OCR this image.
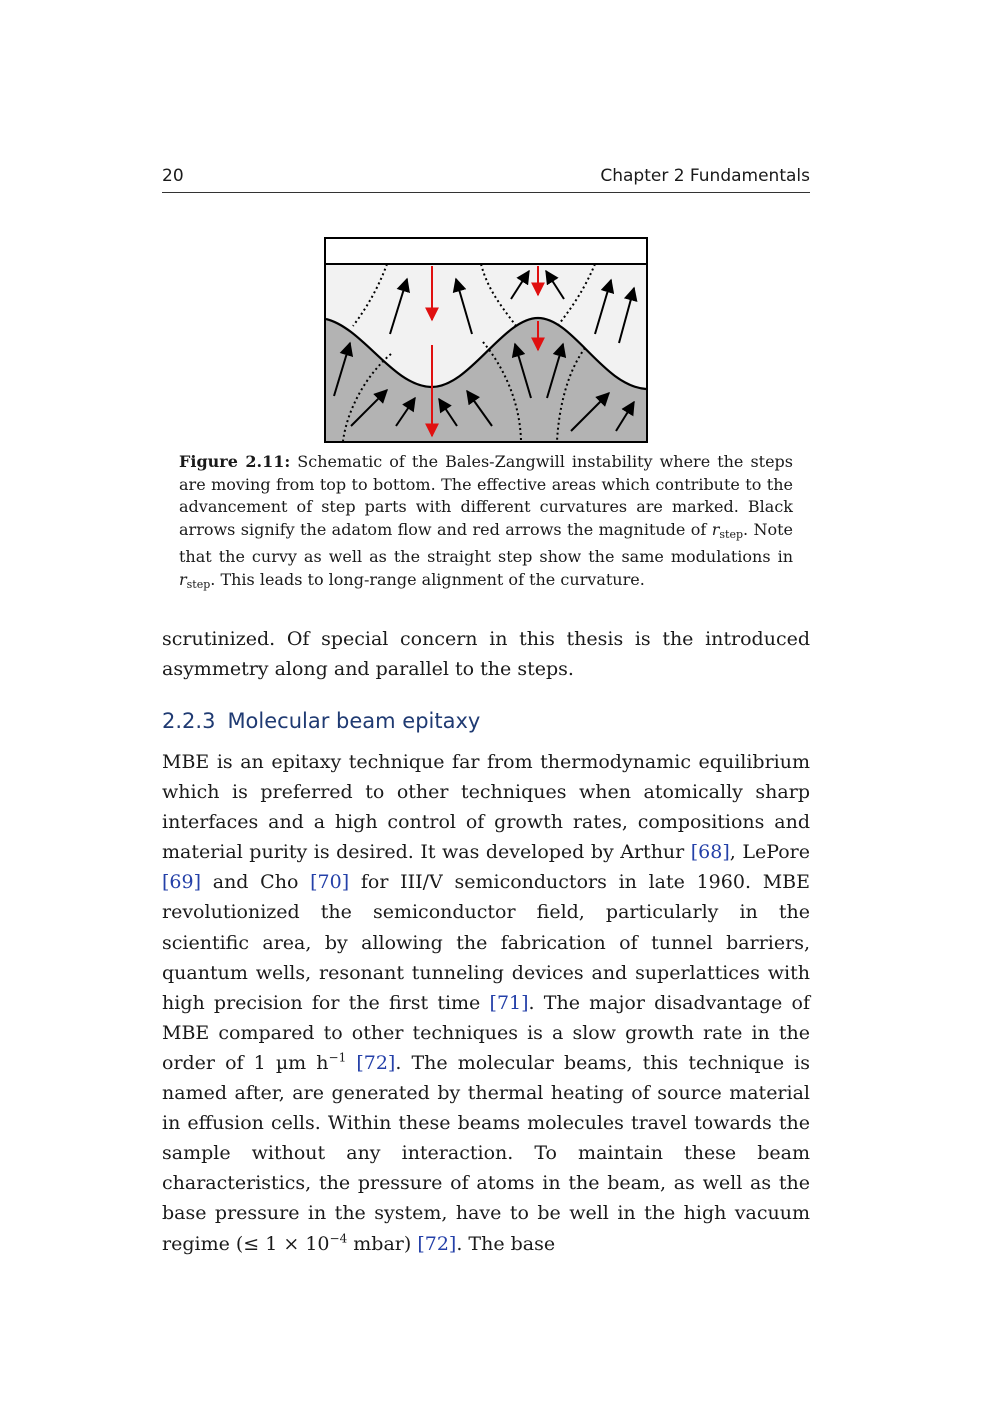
20	Chapter 2 Fundamentals
Figure 2.11: Schematic of the Bales-Zangwill instability where the steps are moving from top to bottom. The effective areas which contribute to the advancement of step parts with different curvatures are marked. Black arrows signify the adatom flow and red arrows the magnitude of $r_{step}$. Note that the curvy as well as the straight step show the same modulations in $r_{step}$. This leads to long-range alignment of the curvature.
scrutinized. Of special concern in this thesis is the introduced asymmetry along and parallel to the steps.
2.2.3 Molecular beam epitaxy
MBE is an epitaxy technique far from thermodynamic equilibrium which is preferred to other techniques when atomically sharp interfaces and a high control of growth rates, compositions and material purity is desired. It was developed by Arthur [68], LePore [69] and Cho [70] for III/V semiconductors in late 1960. MBE revolutionized the semiconductor field, particularly in the scientific area, by allowing the fabrication of tunnel barriers, quantum wells, resonant tunneling devices and superlattices with high precision for the first time [71]. The major disadvantage of MBE compared to other techniques is a slow growth rate in the order of 1 µm $h^{-1}$ [72]. The molecular beams, this technique is named after, are generated by thermal heating of source material in effusion cells. Within these beams molecules travel towards the sample without any interaction. To maintain these beam characteristics, the pressure of atoms in the beam, as well as the base pressure in the system, have to be well in the high vacuum regime (≤ $1 \times 10^{-4}$ mbar) [72]. The base
